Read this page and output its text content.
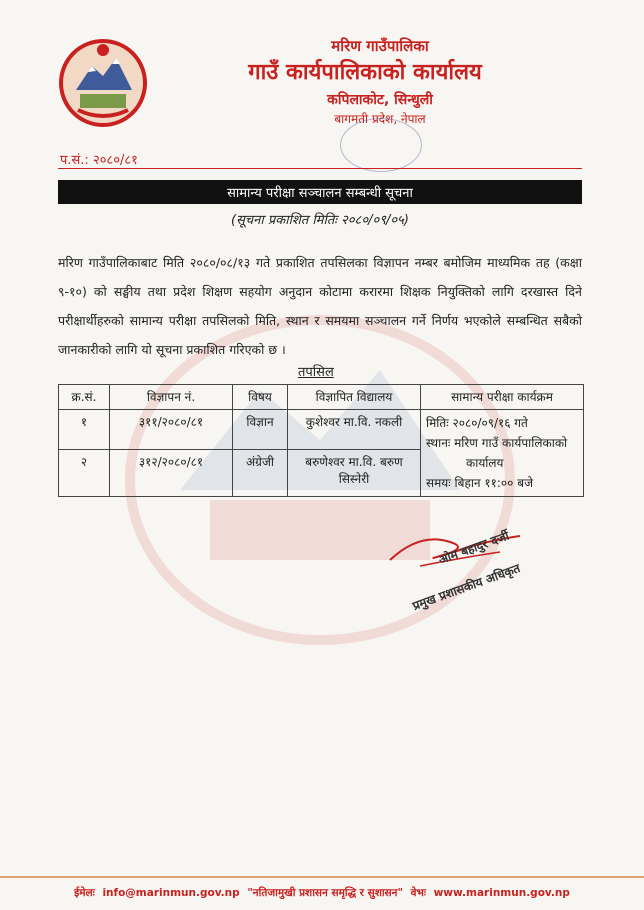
मरिण गाउँपालिका
गाउँ कार्यपालिकाको कार्यालय
कपिलाकोट, सिन्धुली
बागमती प्रदेश, नेपाल
प.सं.: २०८०/८१
सामान्य परीक्षा सञ्चालन सम्बन्धी सूचना
(सूचना प्रकाशित मितिः २०८०/०९/०५)
मरिण गाउँपालिकाबाट मिति २०८०/०८/१३ गते प्रकाशित तपसिलका विज्ञापन नम्बर बमोजिम माध्यमिक तह (कक्षा ९-१०) को सङ्घीय तथा प्रदेश शिक्षण सहयोग अनुदान कोटामा करारमा शिक्षक नियुक्तिको लागि दरखास्त दिने परीक्षार्थीहरुको सामान्य परीक्षा तपसिलको मिति, स्थान र समयमा सञ्चालन गर्ने निर्णय भएकोले सम्बन्धित सबैको जानकारीको लागि यो सूचना प्रकाशित गरिएको छ ।
तपसिल
क्र.सं.	विज्ञापन नं.	विषय	विज्ञापित विद्यालय	सामान्य परीक्षा कार्यक्रम
१	३११/२०८०/८१	विज्ञान	कुशेश्वर मा.वि. नकली	मितिः २०८०/०९/१६ गते
स्थानः मरिण गाउँ कार्यपालिकाको
कार्यालय
समयः बिहान ११:०० बजे

२	३१२/२०८०/८१	अंग्रेजी	बरुणेश्वर मा.वि. बरुण सिस्नेरी	
ओम बहादुर दर्जी
प्रमुख प्रशासकीय अधिकृत
ईमेलः info@marinmun.gov.np "नतिजामुखी प्रशासन समृद्धि र सुशासन" वेभः www.marinmun.gov.np
